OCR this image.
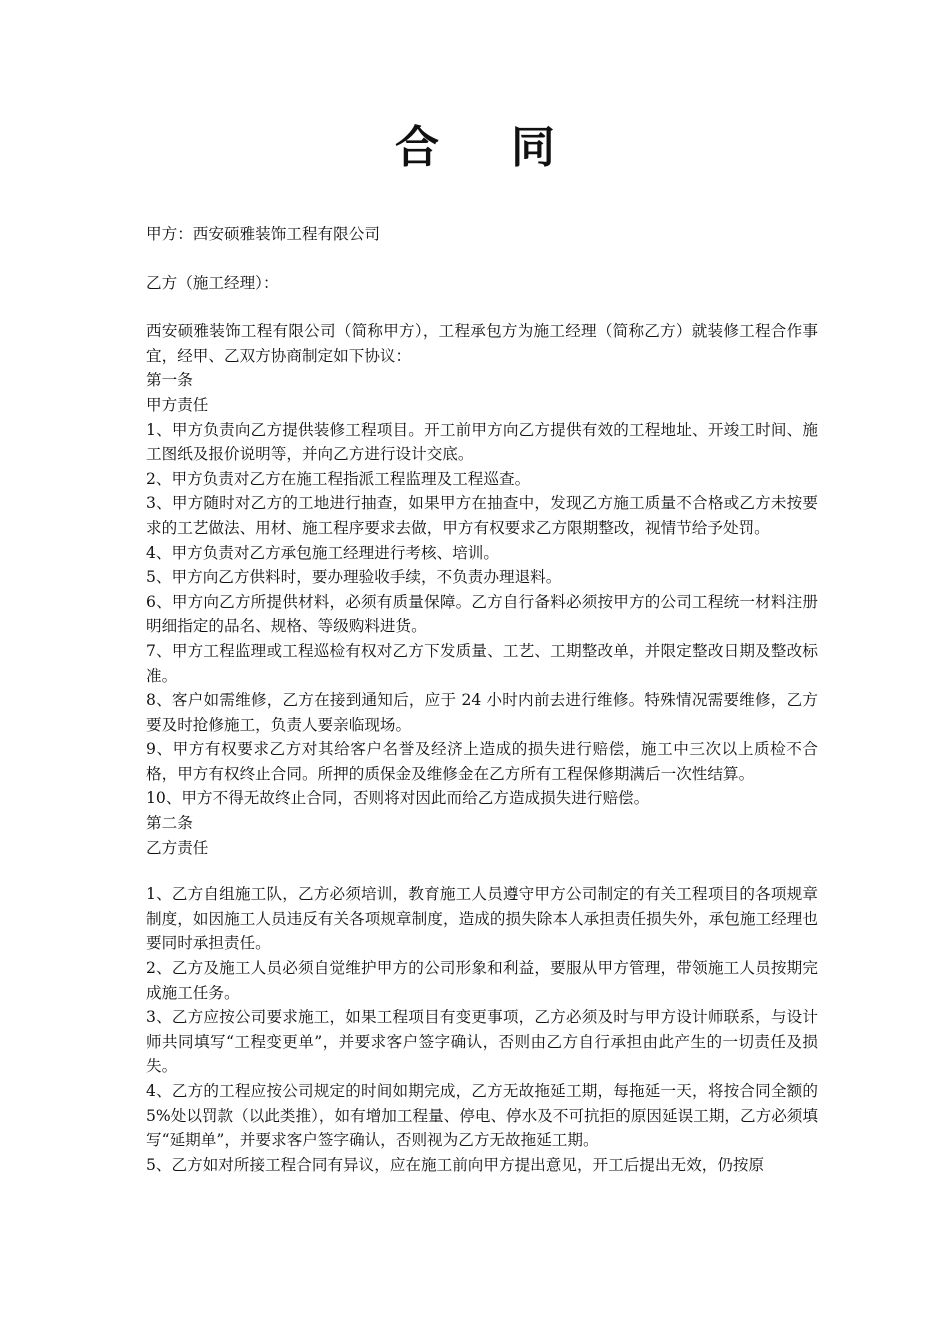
合同

甲方：西安硕雅装饰工程有限公司

乙方（施工经理）：

西安硕雅装饰工程有限公司（简称甲方），工程承包方为施工经理（简称乙方）就装修工程合作事宜，经甲、乙双方协商制定如下协议：

第一条

甲方责任

1、甲方负责向乙方提供装修工程项目。开工前甲方向乙方提供有效的工程地址、开竣工时间、施工图纸及报价说明等，并向乙方进行设计交底。

2、甲方负责对乙方在施工程指派工程监理及工程巡查。

3、甲方随时对乙方的工地进行抽查，如果甲方在抽查中，发现乙方施工质量不合格或乙方未按要求的工艺做法、用材、施工程序要求去做，甲方有权要求乙方限期整改，视情节给予处罚。

4、甲方负责对乙方承包施工经理进行考核、培训。

5、甲方向乙方供料时，要办理验收手续，不负责办理退料。

6、甲方向乙方所提供材料，必须有质量保障。乙方自行备料必须按甲方的公司工程统一材料注册明细指定的品名、规格、等级购料进货。

7、甲方工程监理或工程巡检有权对乙方下发质量、工艺、工期整改单，并限定整改日期及整改标准。

8、客户如需维修，乙方在接到通知后，应于 24 小时内前去进行维修。特殊情况需要维修，乙方要及时抢修施工，负责人要亲临现场。

9、甲方有权要求乙方对其给客户名誉及经济上造成的损失进行赔偿，施工中三次以上质检不合格，甲方有权终止合同。所押的质保金及维修金在乙方所有工程保修期满后一次性结算。

10、甲方不得无故终止合同，否则将对因此而给乙方造成损失进行赔偿。

第二条

乙方责任

1、乙方自组施工队，乙方必须培训，教育施工人员遵守甲方公司制定的有关工程项目的各项规章制度，如因施工人员违反有关各项规章制度，造成的损失除本人承担责任损失外，承包施工经理也要同时承担责任。

2、乙方及施工人员必须自觉维护甲方的公司形象和利益，要服从甲方管理，带领施工人员按期完成施工任务。

3、乙方应按公司要求施工，如果工程项目有变更事项，乙方必须及时与甲方设计师联系，与设计师共同填写“工程变更单”，并要求客户签字确认，否则由乙方自行承担由此产生的一切责任及损失。

4、乙方的工程应按公司规定的时间如期完成，乙方无故拖延工期，每拖延一天，将按合同全额的 5%处以罚款（以此类推），如有增加工程量、停电、停水及不可抗拒的原因延误工期，乙方必须填写“延期单”，并要求客户签字确认，否则视为乙方无故拖延工期。

5、乙方如对所接工程合同有异议，应在施工前向甲方提出意见，开工后提出无效，仍按原
